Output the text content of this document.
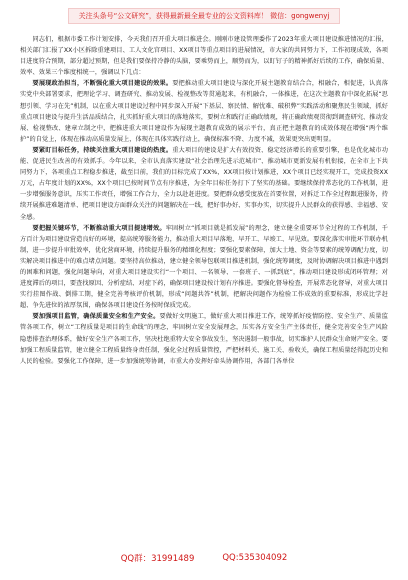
关注头条号“公文研究”，获得最新最全最专业的公文资料库！ 微信：gongwenyj

同志们，根据市委工作计划安排，今天我们召开重大项目推进会。刚刚市建设管理委作了2023年重大项目建设推进情况的汇报，相关部门汇报了XX小区拆除重建项目、工人文化宫项目、XX项目等重点项目的进展情况，市大家的共同努力下，工作初现成效，各项目进度符合预期，部分超过预期，但是我们要保持冷静的头脑，要乘势而上，顺势而为，以盯钉子的精神抓好后续的工作，确保质量、效率、效果三个维度相统一，强调以下几点：

要展现政治担当，不断强化重大项目建设的效果。要把推动重大项目建设与深化开展主题教育结合合，相融合，相促进，认真落实党中央部署要求，把理论学习、调查研究、推动发展、检视整改等贯通起来，有机融合，一体推进，在这次主题教育中深化拓展“思想引领、学习在先”机制，以在重大项目建设过程中同步深入开展“下基层、察民情、解忧难、破积弊”实践活动和聚焦民生领域，抓好重点项目建设与提升生活品质结合，扎实抓好重大项目的落地落实，要树立和践行正确政绩观，将正确政绩观贯彻到调查研究、推动发展、检视整改、建章立制之中，把推进重大项目建设作为展现主题教育成效的展示平台，真正把主题教育的成效体现在增强“两个维护”的自觉上，体现在推动高质量发展上，体现在具体实践行动上，确保标准不降、力度不减，效果更突出更明显。

要紧盯目标任务，持续关注重大项目建设的热度。重大项目的建设是扩大有效投资、稳定经济增长的重要引擎，也是优化城市功能、促进民生改善的有效抓手。今年以来，全市认真落实建设“社会治理先进示范城市”、推动城市更新发展有机衔接，在全市上下共同努力下，各项重点工程稳步推进，截至目前，我们的目标完成了XX%，XX项目按计划推进，XX个项目已经实现开工，完成投资XX万元，占年度计划的XX%，XX个项目已按时间节点有序推进，为全年目标任务打下了坚实的基础。要继续保持常态化的工作机制，进一步增强服务意识，压实工作责任，增强工作合力，全力以赴赶进度。要把群众感受度放在首要位置，对拆迁工作全过程跟进服务，持续开展推进难题清单、把项目建设方面群众关注的问题解决在一线，把好事办好、实事办实，切实提升人民群众的获得感、幸福感、安全感。

要把握关键环节，不断推动重大项目提速增效。牢固树立“抓项目就是抓发展”的理念，建立健全重要环节全过程的工作机制，千方百计为项目建设营造良好的环境，提高统筹服务能力，推动重大项目早落地、早开工、早竣工、早见效。要深化落实审批环节联办机制，进一步提升审批效率，优化营商环境，持续提升服务的精细化程度；要强化要素保障，加大土地、资金等要素的统筹调配力度，切实解决项目推进中的难点堵点问题。要坚持高位推动，建立健全领导包联项目推进机制，强化统筹调度，及时协调解决项目推进中遇到的困难和问题，强化问题导向，对重大项目建设实行“一个项目、一名领导、一套班子、一抓到底”，推动项目建设形成闭环管理；对进度滞后的项目，要查找原因、分析症结、对症下药，确保项目建设按计划有序推进。要强化督导检查，开展常态化督导，对重大项目实行挂图作战、倒排工期，健全完善考核评价机制，形成“问题共答”机制，把解决问题作为检验工作成效的重要标准，形成比学赶超、争先进位的浓厚氛围，确保各项目建设任务按时保质完成。

要加强项目监管，确保质量安全和生产安全。要做好文明施工，做好重大项目推进工作，统筹抓好疫情防控、安全生产、质量监管各项工作，树立“工程质量是项目的生命线”的理念，牢固树立安全发展理念，压实各方安全生产主体责任，健全完善安全生产风险隐患排查治理体系，做好安全生产各项工作，坚决杜绝重特大安全事故发生，坚决遏制一般事故，切实维护人民群众生命财产安全。要加强工程质量监管，建立健全工程质量终身责任制，强化全过程质量管控，严把材料关、施工关、验收关，确保工程质量经得起历史和人民的检验。要强化工作保障，进一步加强统筹协调，市重大办发挥好牵头协调作用，各部门各单位

QQ群：31991489	QQ:535304092
